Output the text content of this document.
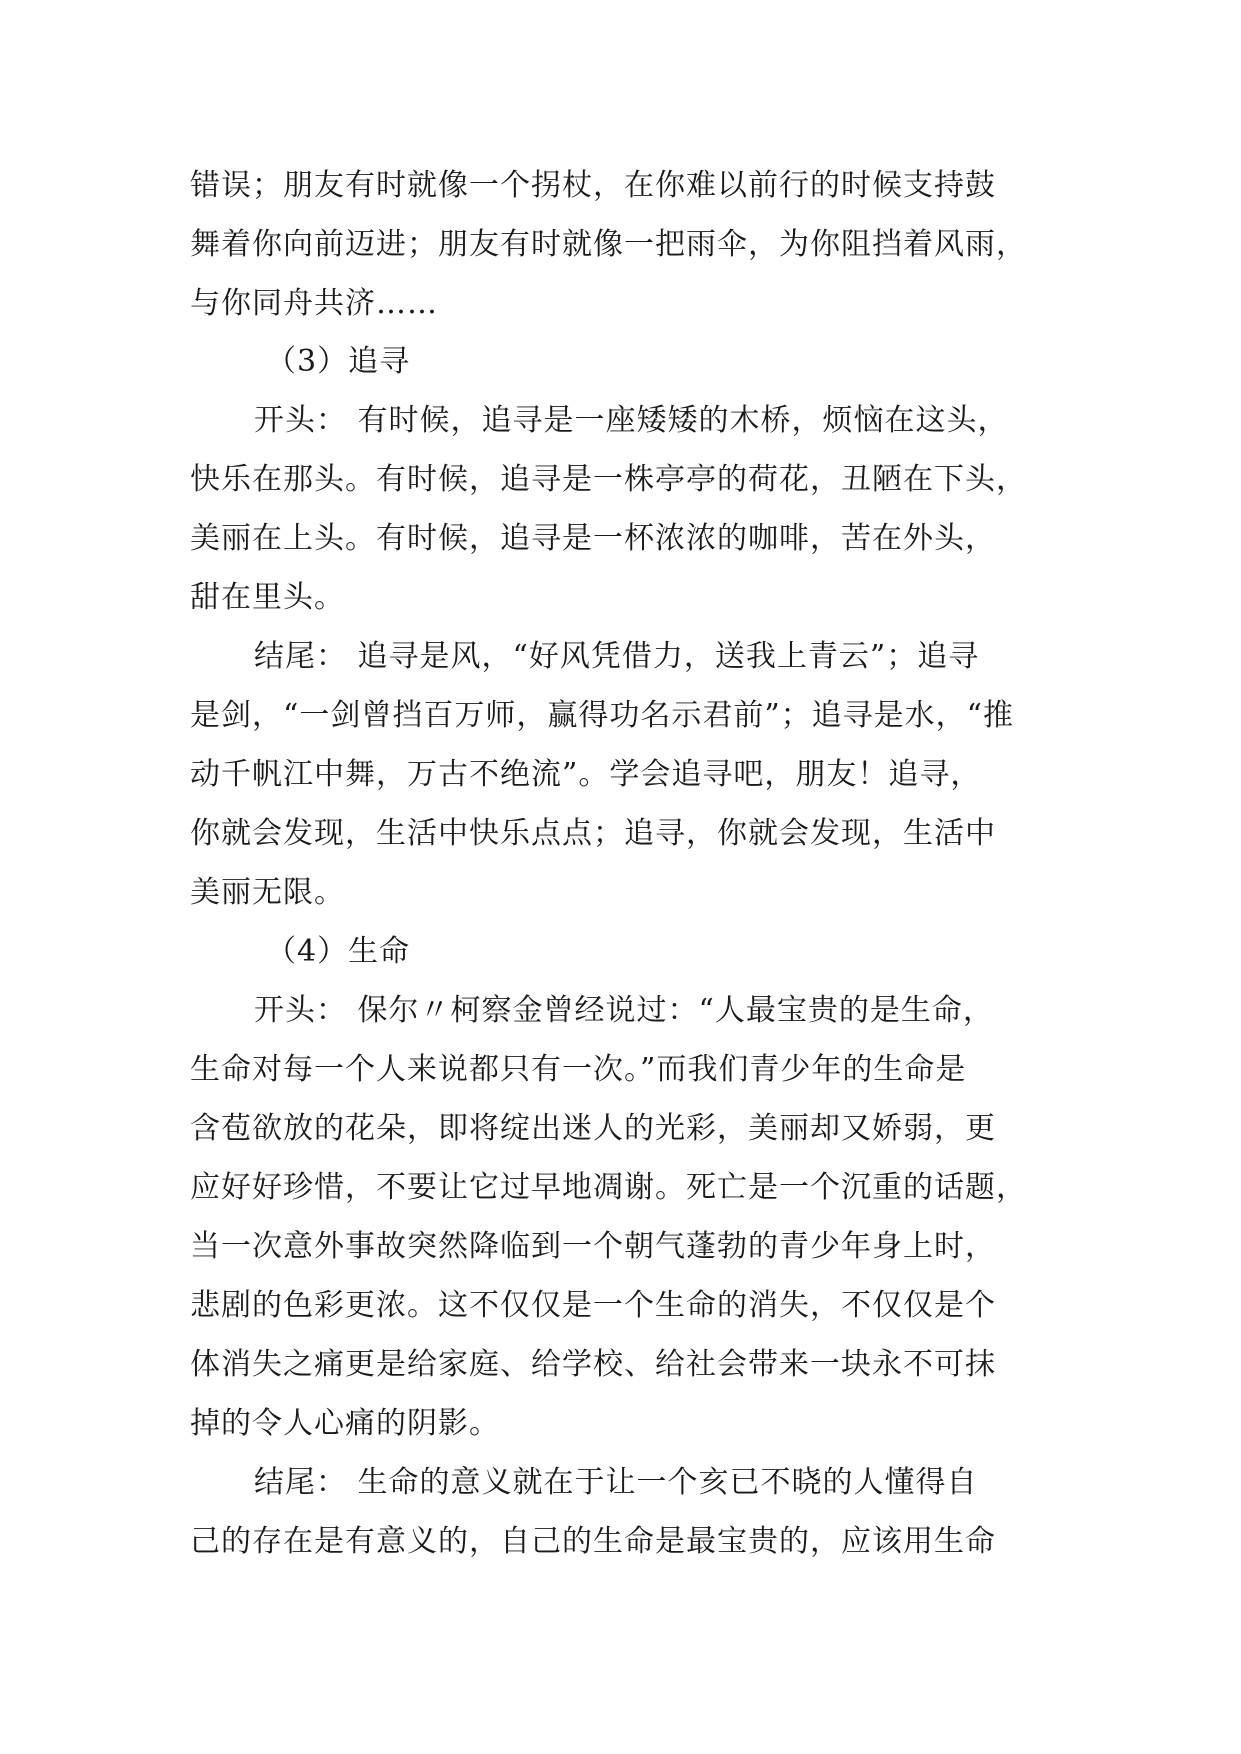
错误；朋友有时就像一个拐杖，在你难以前行的时候支持鼓
舞着你向前迈进；朋友有时就像一把雨伞，为你阻挡着风雨，
与你同舟共济……
（3）追寻
开头： 有时候，追寻是一座矮矮的木桥，烦恼在这头，
快乐在那头。有时候，追寻是一株亭亭的荷花，丑陋在下头，
美丽在上头。有时候，追寻是一杯浓浓的咖啡，苦在外头，
甜在里头。
结尾： 追寻是风，“好风凭借力，送我上青云”；追寻
是剑，“一剑曾挡百万师，赢得功名示君前”；追寻是水，“推
动千帆江中舞，万古不绝流”。学会追寻吧，朋友！追寻，
你就会发现，生活中快乐点点；追寻，你就会发现，生活中
美丽无限。
（4）生命
开头： 保尔〃柯察金曾经说过：“人最宝贵的是生命，
生命对每一个人来说都只有一次。”而我们青少年的生命是
含苞欲放的花朵，即将绽出迷人的光彩，美丽却又娇弱，更
应好好珍惜，不要让它过早地凋谢。死亡是一个沉重的话题，
当一次意外事故突然降临到一个朝气蓬勃的青少年身上时，
悲剧的色彩更浓。这不仅仅是一个生命的消失，不仅仅是个
体消失之痛更是给家庭、给学校、给社会带来一块永不可抹
掉的令人心痛的阴影。
结尾： 生命的意义就在于让一个亥已不晓的人懂得自
己的存在是有意义的，自己的生命是最宝贵的，应该用生命
